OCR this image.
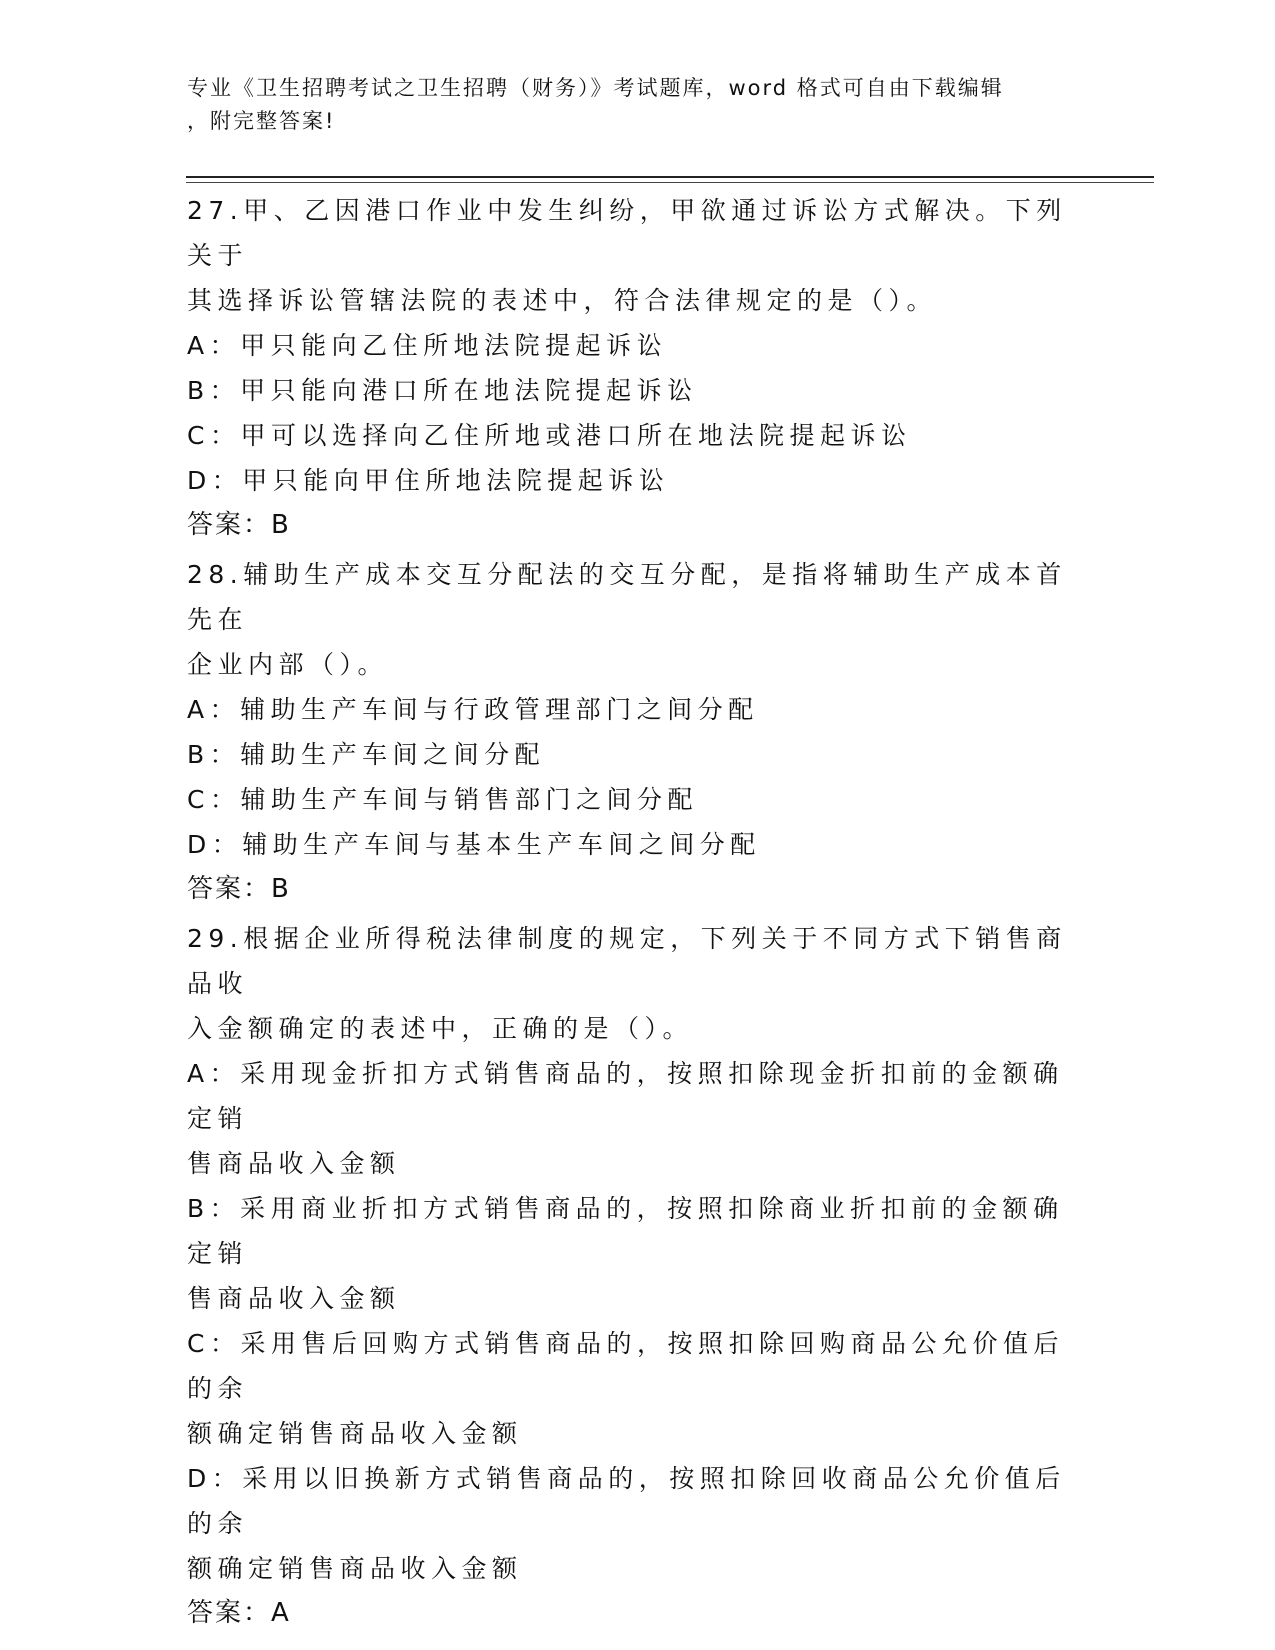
专业《卫生招聘考试之卫生招聘（财务）》考试题库，word 格式可自由下载编辑
，附完整答案!

27.甲、乙因港口作业中发生纠纷，甲欲通过诉讼方式解决。下列关于

其选择诉讼管辖法院的表述中，符合法律规定的是（）。

A：甲只能向乙住所地法院提起诉讼

B：甲只能向港口所在地法院提起诉讼

C：甲可以选择向乙住所地或港口所在地法院提起诉讼

D：甲只能向甲住所地法院提起诉讼

答案：B

28.辅助生产成本交互分配法的交互分配，是指将辅助生产成本首先在

企业内部（）。

A：辅助生产车间与行政管理部门之间分配

B：辅助生产车间之间分配

C：辅助生产车间与销售部门之间分配

D：辅助生产车间与基本生产车间之间分配

答案：B

29.根据企业所得税法律制度的规定，下列关于不同方式下销售商品收

入金额确定的表述中，正确的是（）。

A：采用现金折扣方式销售商品的，按照扣除现金折扣前的金额确定销

售商品收入金额

B：采用商业折扣方式销售商品的，按照扣除商业折扣前的金额确定销

售商品收入金额

C：采用售后回购方式销售商品的，按照扣除回购商品公允价值后的余

额确定销售商品收入金额

D：采用以旧换新方式销售商品的，按照扣除回收商品公允价值后的余

额确定销售商品收入金额

答案：A
